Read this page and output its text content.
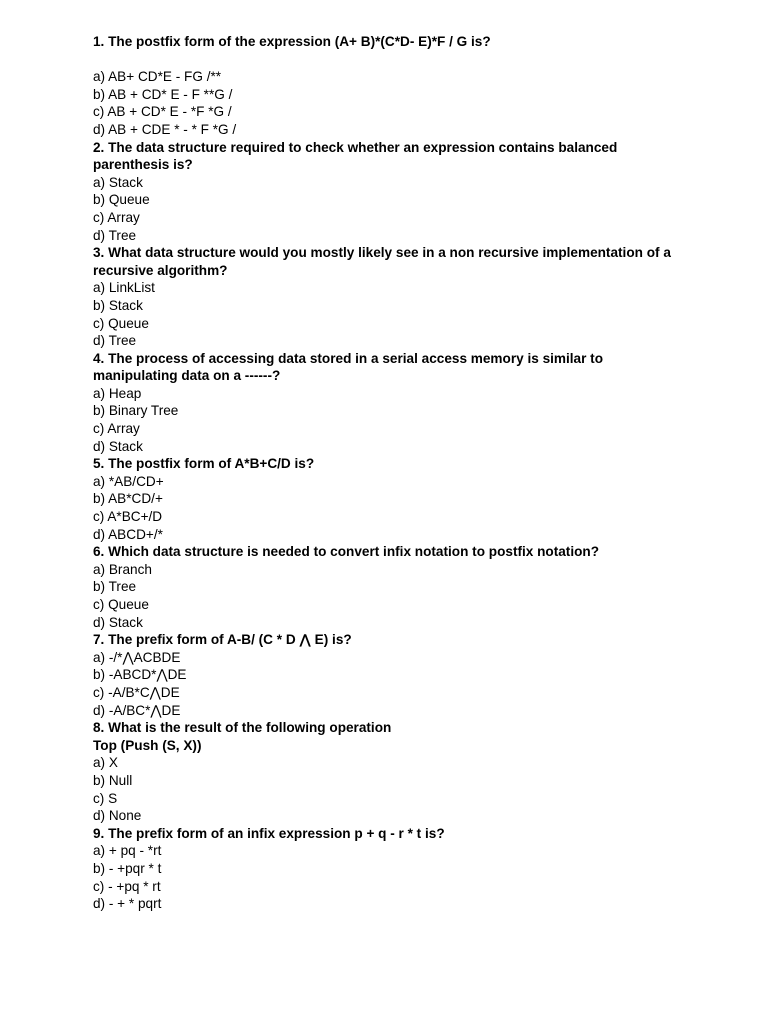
1. The postfix form of the expression (A+ B)*(C*D- E)*F / G is?
a) AB+ CD*E - FG /**
b) AB + CD* E - F **G /
c) AB + CD* E - *F *G /
d) AB + CDE * - * F *G /
2. The data structure required to check whether an expression contains balanced
parenthesis is?
a) Stack
b) Queue
c) Array
d) Tree
3. What data structure would you mostly likely see in a non recursive implementation of a
recursive algorithm?
a) LinkList
b) Stack
c) Queue
d) Tree
4. The process of accessing data stored in a serial access memory is similar to
manipulating data on a ------?
a) Heap
b) Binary Tree
c) Array
d) Stack
5. The postfix form of A*B+C/D is?
a) *AB/CD+
b) AB*CD/+
c) A*BC+/D
d) ABCD+/*
6. Which data structure is needed to convert infix notation to postfix notation?
a) Branch
b) Tree
c) Queue
d) Stack
7. The prefix form of A-B/ (C * D ⋀ E) is?
a) -/*⋀ACBDE
b) -ABCD*⋀DE
c) -A/B*C⋀DE
d) -A/BC*⋀DE
8. What is the result of the following operation
Top (Push (S, X))
a) X
b) Null
c) S
d) None
9. The prefix form of an infix expression p + q - r * t is?
a) + pq - *rt
b) - +pqr * t
c) - +pq * rt
d) - + * pqrt
